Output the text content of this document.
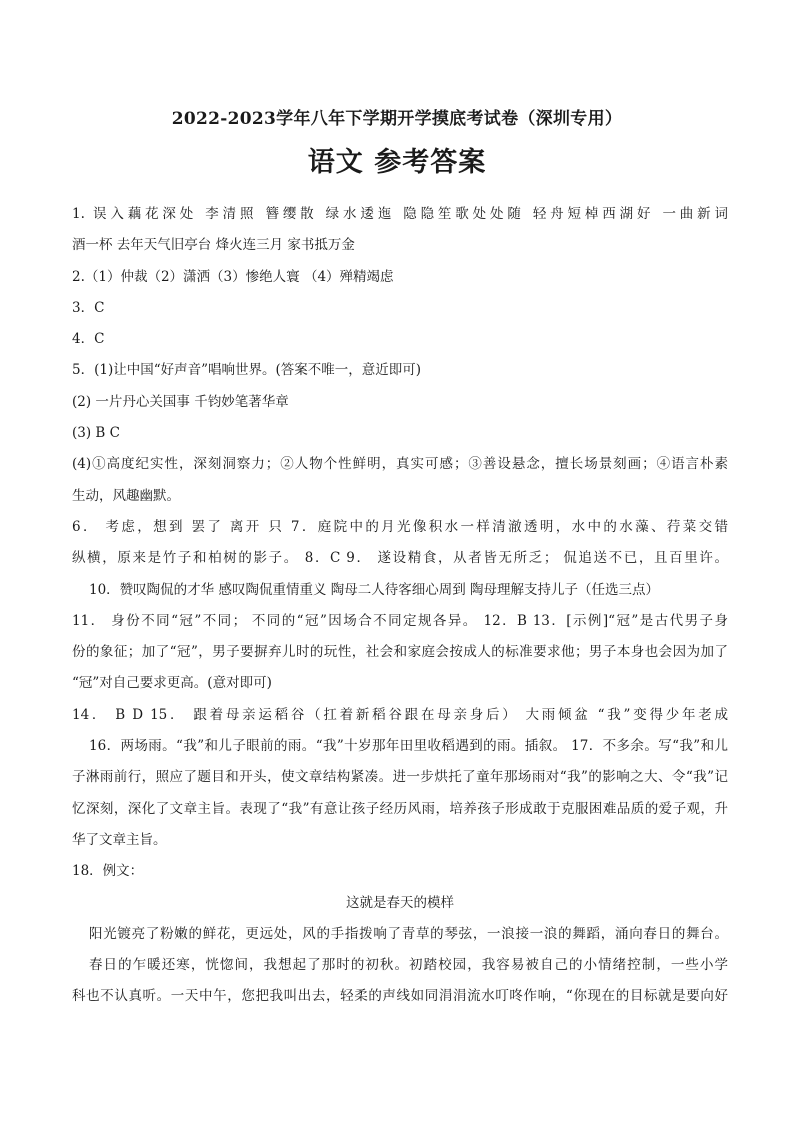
2022-2023学年八年下学期开学摸底考试卷（深圳专用）
语文 参考答案
1. 误入藕花深处 李清照 簪缨散 绿水逶迤 隐隐笙歌处处随 轻舟短棹西湖好 一曲新词
酒一杯 去年天气旧亭台 烽火连三月 家书抵万金
2.（1）仲裁（2）潇洒（3）惨绝人寰 （4）殚精竭虑
3．C
4．C
5．(1)让中国“好声音”唱响世界。(答案不唯一，意近即可)
(2) 一片丹心关国事 千钧妙笔著华章
(3) B C
(4)①高度纪实性，深刻洞察力；②人物个性鲜明，真实可感；③善设悬念，擅长场景刻画；④语言朴素
生动，风趣幽默。
6． 考虑，想到 罢了 离开 只 7．庭院中的月光像积水一样清澈透明，水中的水藻、荇菜交错
纵横，原来是竹子和柏树的影子。 8．C 9． 遂设精食，从者皆无所乏； 侃追送不已，且百里许。
10．赞叹陶侃的才华 感叹陶侃重情重义 陶母二人待客细心周到 陶母理解支持儿子（任选三点）
11． 身份不同“冠”不同； 不同的“冠”因场合不同定规各异。 12．B 13．[示例]“冠”是古代男子身
份的象征；加了“冠”，男子要摒弃儿时的玩性，社会和家庭会按成人的标准要求他；男子本身也会因为加了
“冠”对自己要求更高。(意对即可)
14． B D 15． 跟着母亲运稻谷（扛着新稻谷跟在母亲身后） 大雨倾盆 “我”变得少年老成
16．两场雨。“我”和儿子眼前的雨。“我”十岁那年田里收稻遇到的雨。插叙。 17．不多余。写“我”和儿
子淋雨前行，照应了题目和开头，使文章结构紧凑。进一步烘托了童年那场雨对“我”的影响之大、令“我”记
忆深刻，深化了文章主旨。表现了“我”有意让孩子经历风雨，培养孩子形成敢于克服困难品质的爱子观，升
华了文章主旨。
18．例文：
这就是春天的模样
阳光镀亮了粉嫩的鲜花，更远处，风的手指拨响了青草的琴弦，一浪接一浪的舞蹈，涌向春日的舞台。
春日的乍暖还寒，恍惚间，我想起了那时的初秋。初踏校园，我容易被自己的小情绪控制，一些小学
科也不认真听。一天中午，您把我叫出去，轻柔的声线如同涓涓流水叮咚作响，“你现在的目标就是要向好
